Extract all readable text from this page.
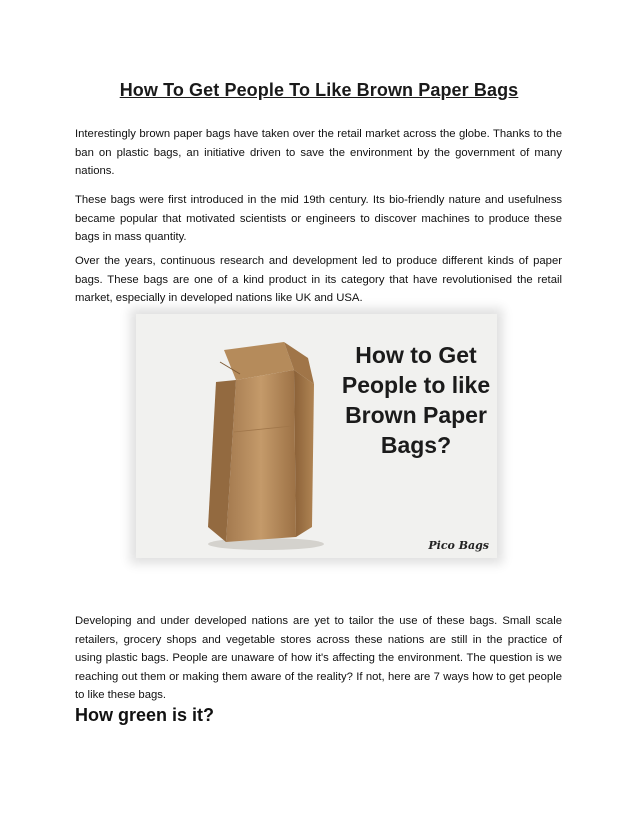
How To Get People To Like Brown Paper Bags

Interestingly brown paper bags have taken over the retail market across the globe. Thanks to the ban on plastic bags, an initiative driven to save the environment by the government of many nations.

These bags were first introduced in the mid 19th century. Its bio-friendly nature and usefulness became popular that motivated scientists or engineers to discover machines to produce these bags in mass quantity.

Over the years, continuous research and development led to produce different kinds of paper bags. These bags are one of a kind product in its category that have revolutionised the retail market, especially in developed nations like UK and USA.

How to Get People to like Brown Paper Bags?
Pico Bags

Developing and under developed nations are yet to tailor the use of these bags. Small scale retailers, grocery shops and vegetable stores across these nations are still in the practice of using plastic bags. People are unaware of how it's affecting the environment. The question is we reaching out them or making them aware of the reality? If not, here are 7 ways how to get people to like these bags.

How green is it?
